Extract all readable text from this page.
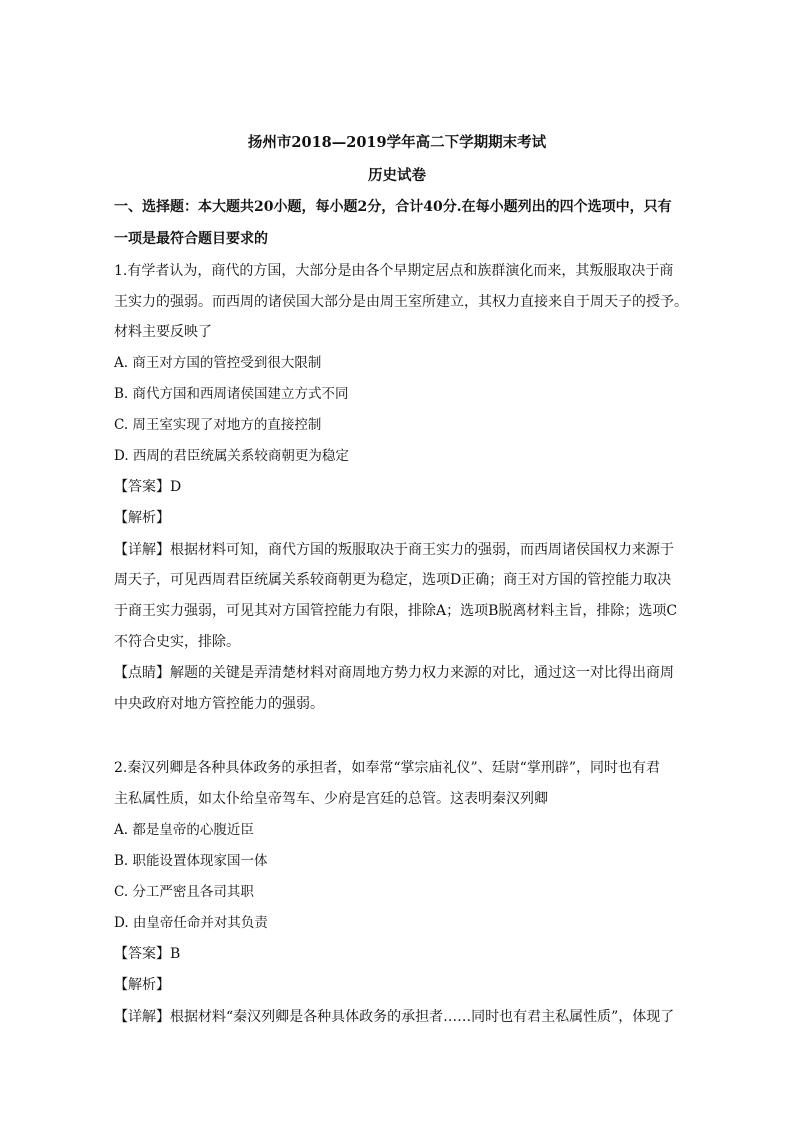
扬州市2018—2019学年高二下学期期末考试
历史试卷
一、选择题：本大题共20小题，每小题2分，合计40分.在每小题列出的四个选项中，只有
一项是最符合题目要求的
1.有学者认为，商代的方国，大部分是由各个早期定居点和族群演化而来，其叛服取决于商
王实力的强弱。而西周的诸侯国大部分是由周王室所建立，其权力直接来自于周天子的授予。
材料主要反映了
A. 商王对方国的管控受到很大限制
B. 商代方国和西周诸侯国建立方式不同
C. 周王室实现了对地方的直接控制
D. 西周的君臣统属关系较商朝更为稳定
【答案】D
【解析】
【详解】根据材料可知，商代方国的叛服取决于商王实力的强弱，而西周诸侯国权力来源于
周天子，可见西周君臣统属关系较商朝更为稳定，选项D正确；商王对方国的管控能力取决
于商王实力强弱，可见其对方国管控能力有限，排除A；选项B脱离材料主旨，排除；选项C
不符合史实，排除。
【点睛】解题的关键是弄清楚材料对商周地方势力权力来源的对比，通过这一对比得出商周
中央政府对地方管控能力的强弱。
2.秦汉列卿是各种具体政务的承担者，如奉常“掌宗庙礼仪”、廷尉“掌刑辟”，同时也有君
主私属性质，如太仆给皇帝驾车、少府是宫廷的总管。这表明秦汉列卿
A. 都是皇帝的心腹近臣
B. 职能设置体现家国一体
C. 分工严密且各司其职
D. 由皇帝任命并对其负责
【答案】B
【解析】
【详解】根据材料“秦汉列卿是各种具体政务的承担者……同时也有君主私属性质”，体现了
